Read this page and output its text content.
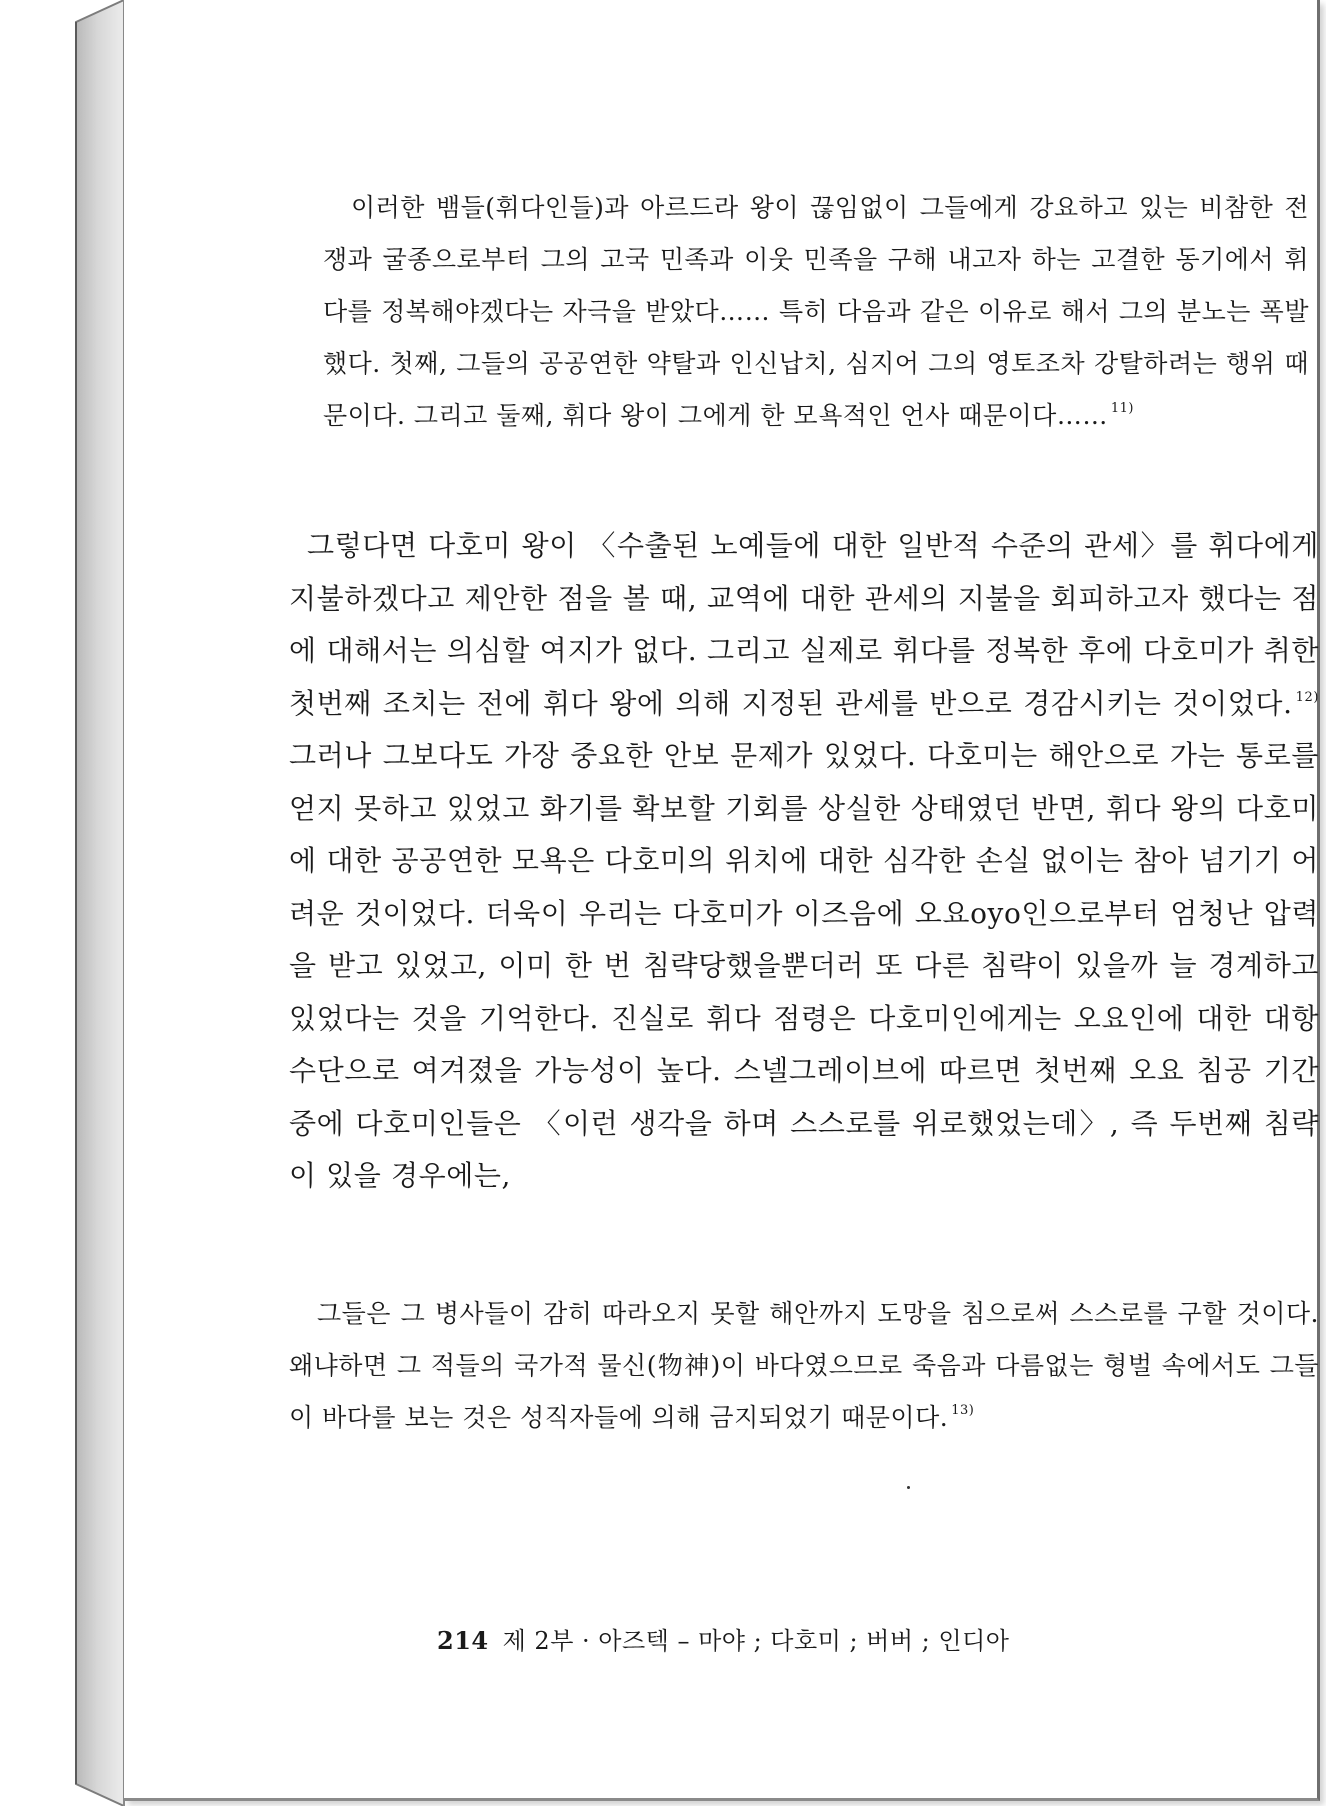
이러한 뱀들(휘다인들)과 아르드라 왕이 끊임없이 그들에게 강요하고 있는 비참한 전쟁과 굴종으로부터 그의 고국 민족과 이웃 민족을 구해 내고자 하는 고결한 동기에서 휘다를 정복해야겠다는 자극을 받았다…… 특히 다음과 같은 이유로 해서 그의 분노는 폭발했다. 첫째, 그들의 공공연한 약탈과 인신납치, 심지어 그의 영토조차 강탈하려는 행위 때문이다. 그리고 둘째, 휘다 왕이 그에게 한 모욕적인 언사 때문이다…… $^{11)}$

그렇다면 다호미 왕이 〈수출된 노예들에 대한 일반적 수준의 관세〉를 휘다에게 지불하겠다고 제안한 점을 볼 때, 교역에 대한 관세의 지불을 회피하고자 했다는 점에 대해서는 의심할 여지가 없다. 그리고 실제로 휘다를 정복한 후에 다호미가 취한 첫번째 조치는 전에 휘다 왕에 의해 지정된 관세를 반으로 경감시키는 것이었다. $^{12)}$ 그러나 그보다도 가장 중요한 안보 문제가 있었다. 다호미는 해안으로 가는 통로를 얻지 못하고 있었고 화기를 확보할 기회를 상실한 상태였던 반면, 휘다 왕의 다호미에 대한 공공연한 모욕은 다호미의 위치에 대한 심각한 손실 없이는 참아 넘기기 어려운 것이었다. 더욱이 우리는 다호미가 이즈음에 오요oyo인으로부터 엄청난 압력을 받고 있었고, 이미 한 번 침략당했을뿐더러 또 다른 침략이 있을까 늘 경계하고 있었다는 것을 기억한다. 진실로 휘다 점령은 다호미인에게는 오요인에 대한 대항 수단으로 여겨졌을 가능성이 높다. 스넬그레이브에 따르면 첫번째 오요 침공 기간 중에 다호미인들은 〈이런 생각을 하며 스스로를 위로했었는데〉, 즉 두번째 침략이 있을 경우에는,

그들은 그 병사들이 감히 따라오지 못할 해안까지 도망을 침으로써 스스로를 구할 것이다. 왜냐하면 그 적들의 국가적 물신(物神)이 바다였으므로 죽음과 다름없는 형벌 속에서도 그들이 바다를 보는 것은 성직자들에 의해 금지되었기 때문이다. $^{13)}$

214 제 2부 · 아즈텍 – 마야 ; 다호미 ; 버버 ; 인디아
